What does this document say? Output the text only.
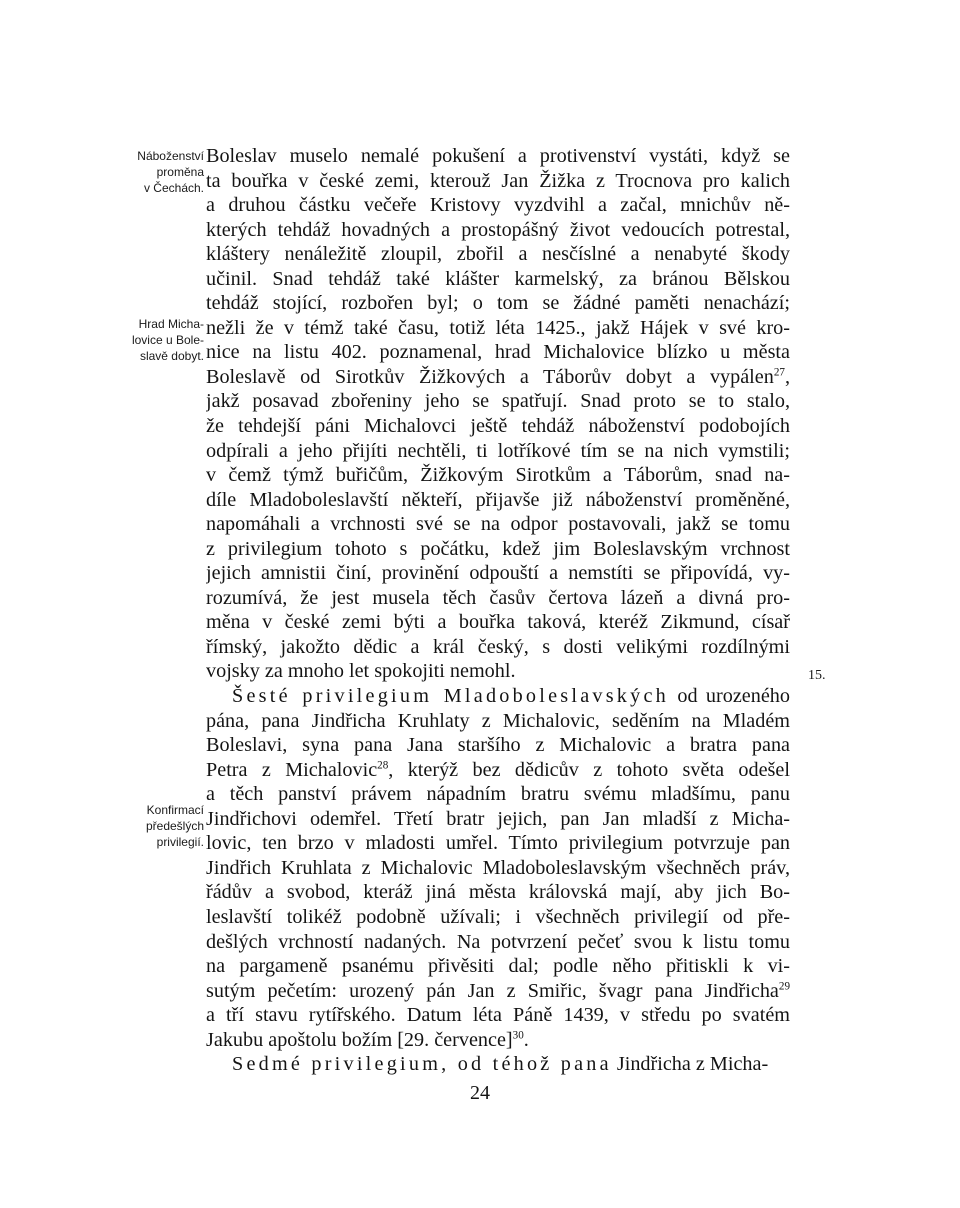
Náboženství
proměna
v Čechách.
Hrad Micha-
lovice u Bole-
slavě dobyt.
Konfirmací
předešlých
privilegií.
15.
Boleslav muselo nemalé pokušení a protivenství vystáti, když se
ta bouřka v české zemi, kterouž Jan Žižka z Trocnova pro kalich
a druhou částku večeře Kristovy vyzdvihl a začal, mnichův ně-
kterých tehdáž hovadných a prostopášný život vedoucích potrestal,
kláštery nenáležitě zloupil, zbořil a nesčíslné a nenabyté škody
učinil. Snad tehdáž také klášter karmelský, za bránou Bělskou
tehdáž stojící, rozbořen byl; o tom se žádné paměti nenachází;
nežli že v témž také času, totiž léta 1425., jakž Hájek v své kro-
nice na listu 402. poznamenal, hrad Michalovice blízko u města
Boleslavě od Sirotkův Žižkových a Táborův dobyt a vypálen$^{27}$,
jakž posavad zbořeniny jeho se spatřují. Snad proto se to stalo,
že tehdejší páni Michalovci ještě tehdáž náboženství podobojích
odpírali a jeho přijíti nechtěli, ti lotříkové tím se na nich vymstili;
v čemž týmž buřičům, Žižkovým Sirotkům a Táborům, snad na-
díle Mladoboleslavští někteří, přijavše již náboženství proměněné,
napomáhali a vrchnosti své se na odpor postavovali, jakž se tomu
z privilegium tohoto s počátku, kdež jim Boleslavským vrchnost
jejich amnistii činí, provinění odpouští a nemstíti se připovídá, vy-
rozumívá, že jest musela těch časův čertova lázeň a divná pro-
měna v české zemi býti a bouřka taková, kteréž Zikmund, císař
římský, jakožto dědic a král český, s dosti velikými rozdílnými
vojsky za mnoho let spokojiti nemohl.
Šesté privilegium Mladoboleslavských od urozeného
pána, pana Jindřicha Kruhlaty z Michalovic, seděním na Mladém
Boleslavi, syna pana Jana staršího z Michalovic a bratra pana
Petra z Michalovic$^{28}$, kterýž bez dědicův z tohoto světa odešel
a těch panství právem nápadním bratru svému mladšímu, panu
Jindřichovi odemřel. Třetí bratr jejich, pan Jan mladší z Micha-
lovic, ten brzo v mladosti umřel. Tímto privilegium potvrzuje pan
Jindřich Kruhlata z Michalovic Mladoboleslavským všechněch práv,
řádův a svobod, kteráž jiná města královská mají, aby jich Bo-
leslavští tolikéž podobně užívali; i všechněch privilegií od pře-
dešlých vrchností nadaných. Na potvrzení pečeť svou k listu tomu
na pargameně psanému přivěsiti dal; podle něho přitiskli k vi-
sutým pečetím: urozený pán Jan z Smiřic, švagr pana Jindřicha$^{29}$
a tří stavu rytířského. Datum léta Páně 1439, v středu po svatém
Jakubu apoštolu božím [29. července]$^{30}$.
Sedmé privilegium, od téhož pana Jindřicha z Micha-
24
